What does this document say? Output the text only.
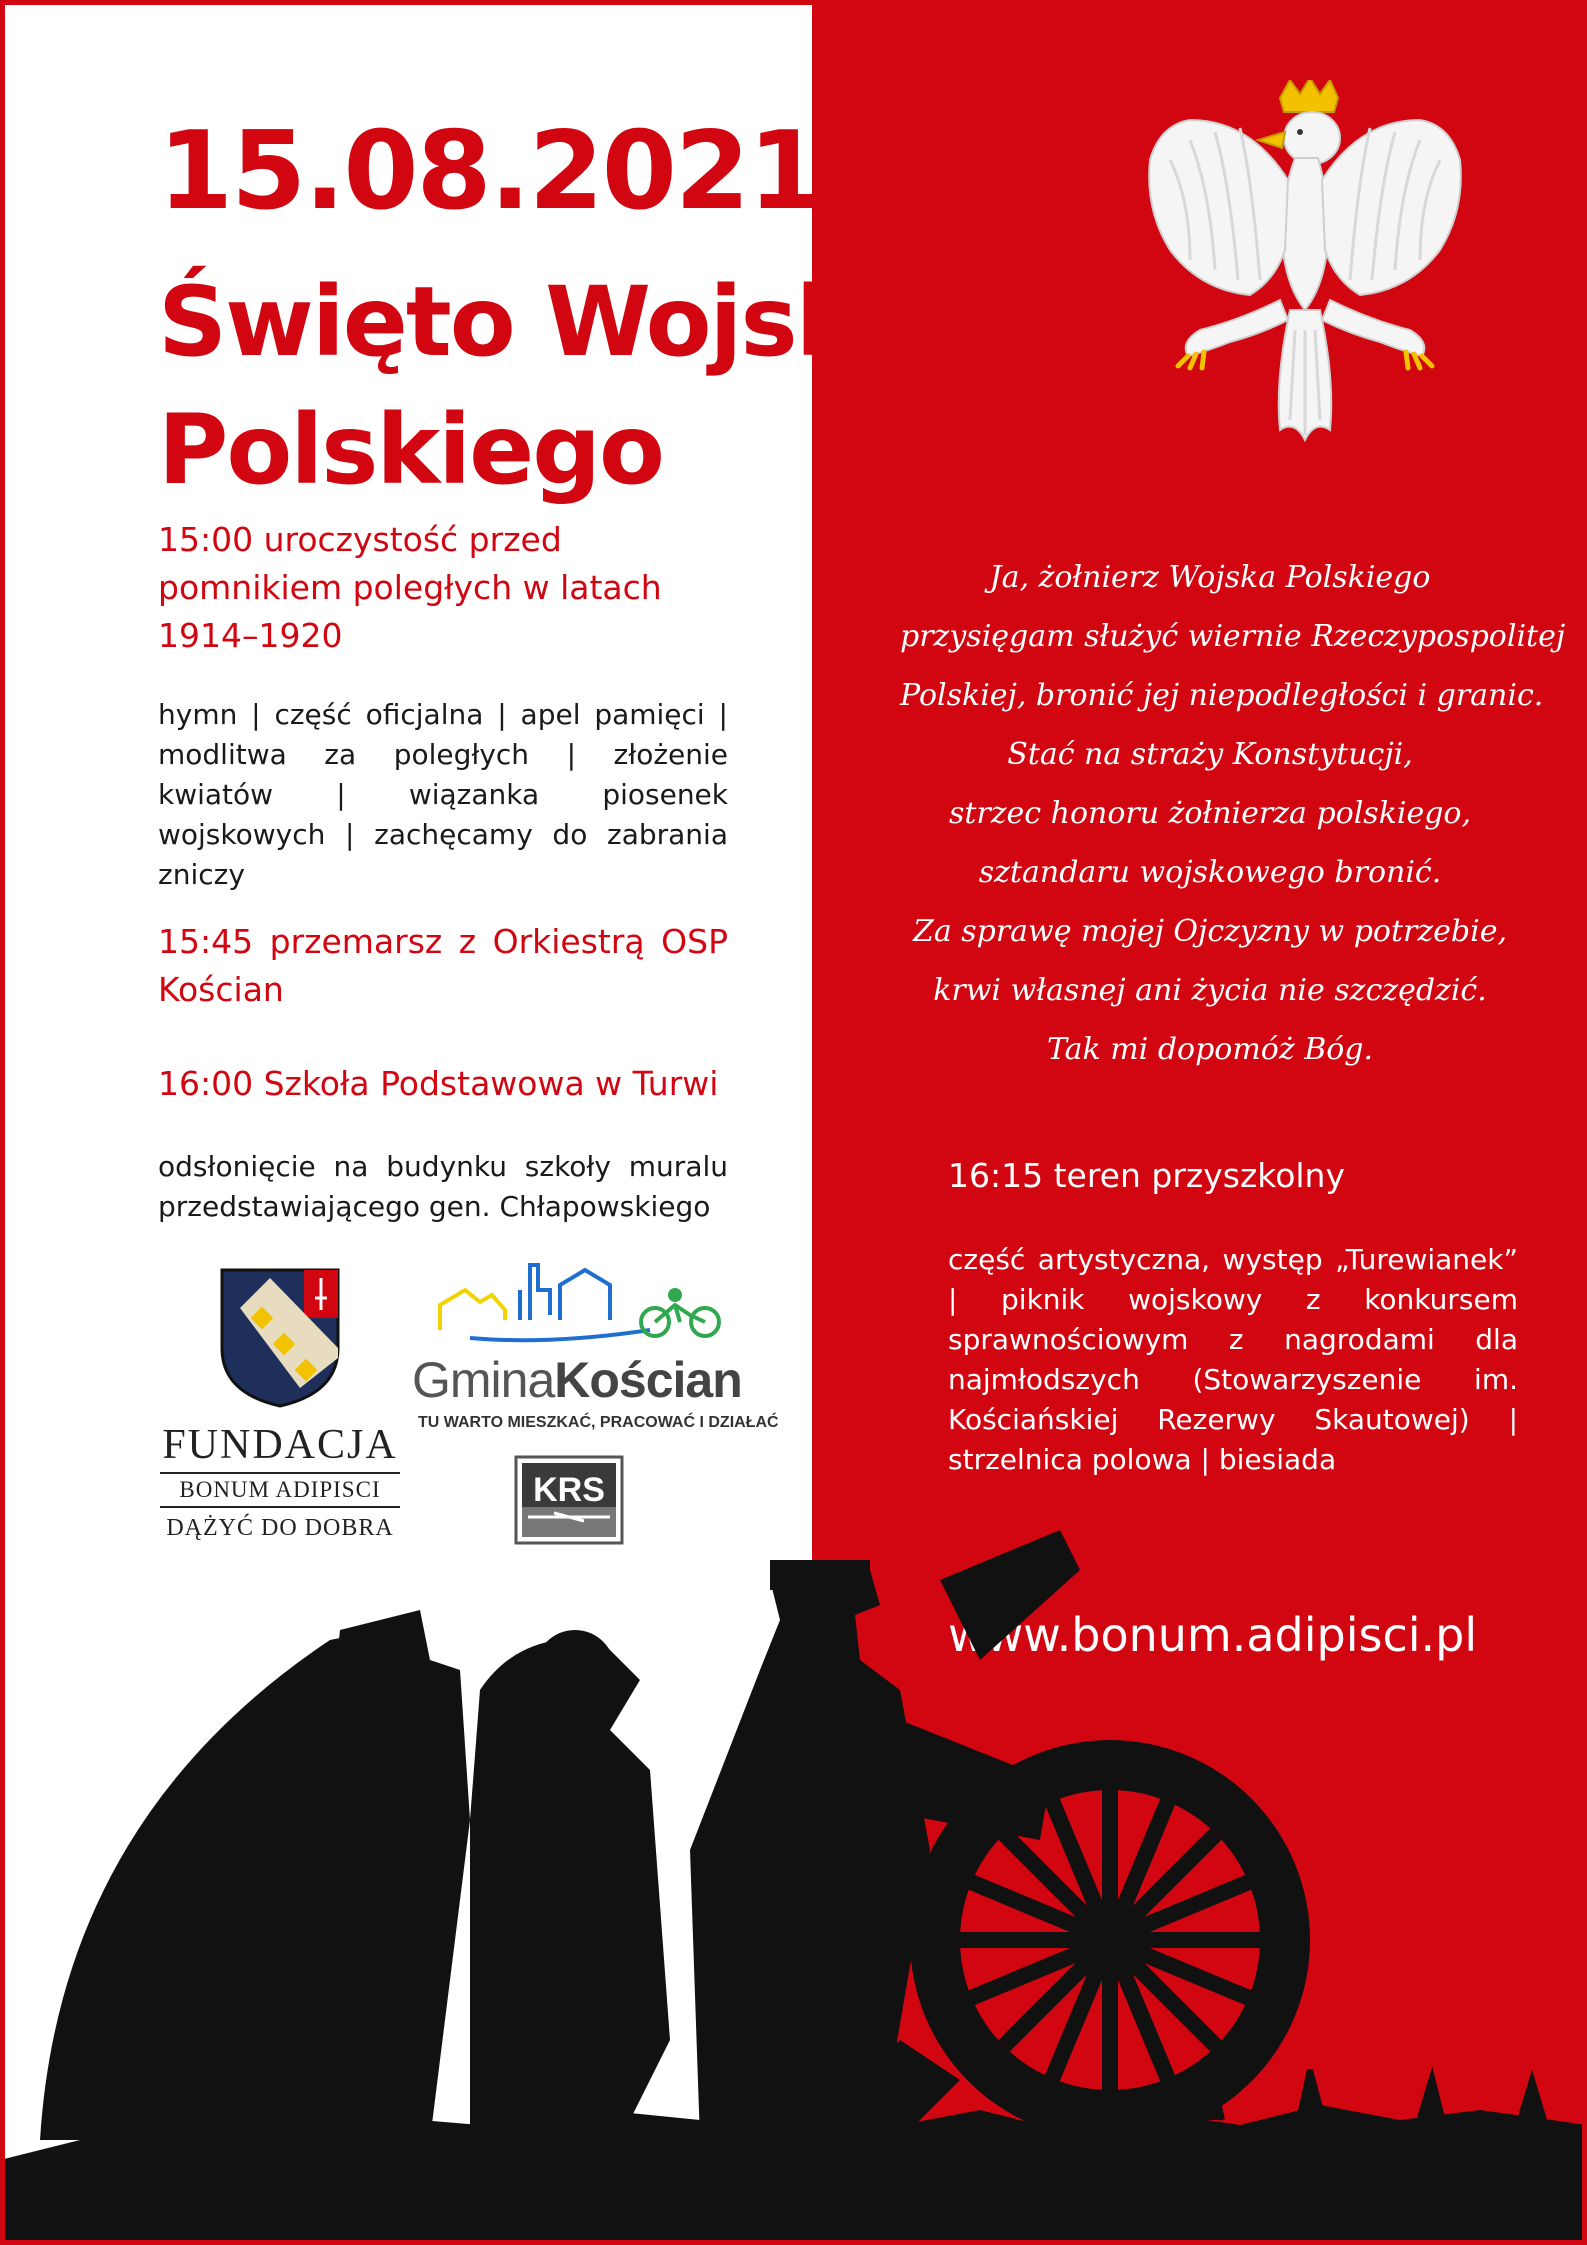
15.08.2021
Święto Wojska
Polskiego
15:00 uroczystość przed pomnikiem poległych w latach 1914–1920
hymn | część oficjalna | apel pamięci | modlitwa za poległych | złożenie kwiatów | wiązanka piosenek wojskowych | zachęcamy do zabrania zniczy
15:45 przemarsz z Orkiestrą OSP Kościan
16:00 Szkoła Podstawowa w Turwi
odsłonięcie na budynku szkoły muralu przedstawiającego gen. Chłapowskiego
Ja, żołnierz Wojska Polskiego
przysięgam służyć wiernie Rzeczypospolitej
Polskiej, bronić jej niepodległości i granic.
Stać na straży Konstytucji,
strzec honoru żołnierza polskiego,
sztandaru wojskowego bronić.
Za sprawę mojej Ojczyzny w potrzebie,
krwi własnej ani życia nie szczędzić.
Tak mi dopomóż Bóg.
16:15 teren przyszkolny
część artystyczna, występ „Turewianek” | piknik wojskowy z konkursem sprawnościowym z nagrodami dla najmłodszych (Stowarzyszenie im. Kościańskiej Rezerwy Skautowej) | strzelnica polowa | biesiada
www.bonum.adipisci.pl
FUNDACJA
BONUM ADIPISCI
DĄŻYĆ DO DOBRA
GminaKościan
TU WARTO MIESZKAĆ, PRACOWAĆ I DZIAŁAĆ
KRS
